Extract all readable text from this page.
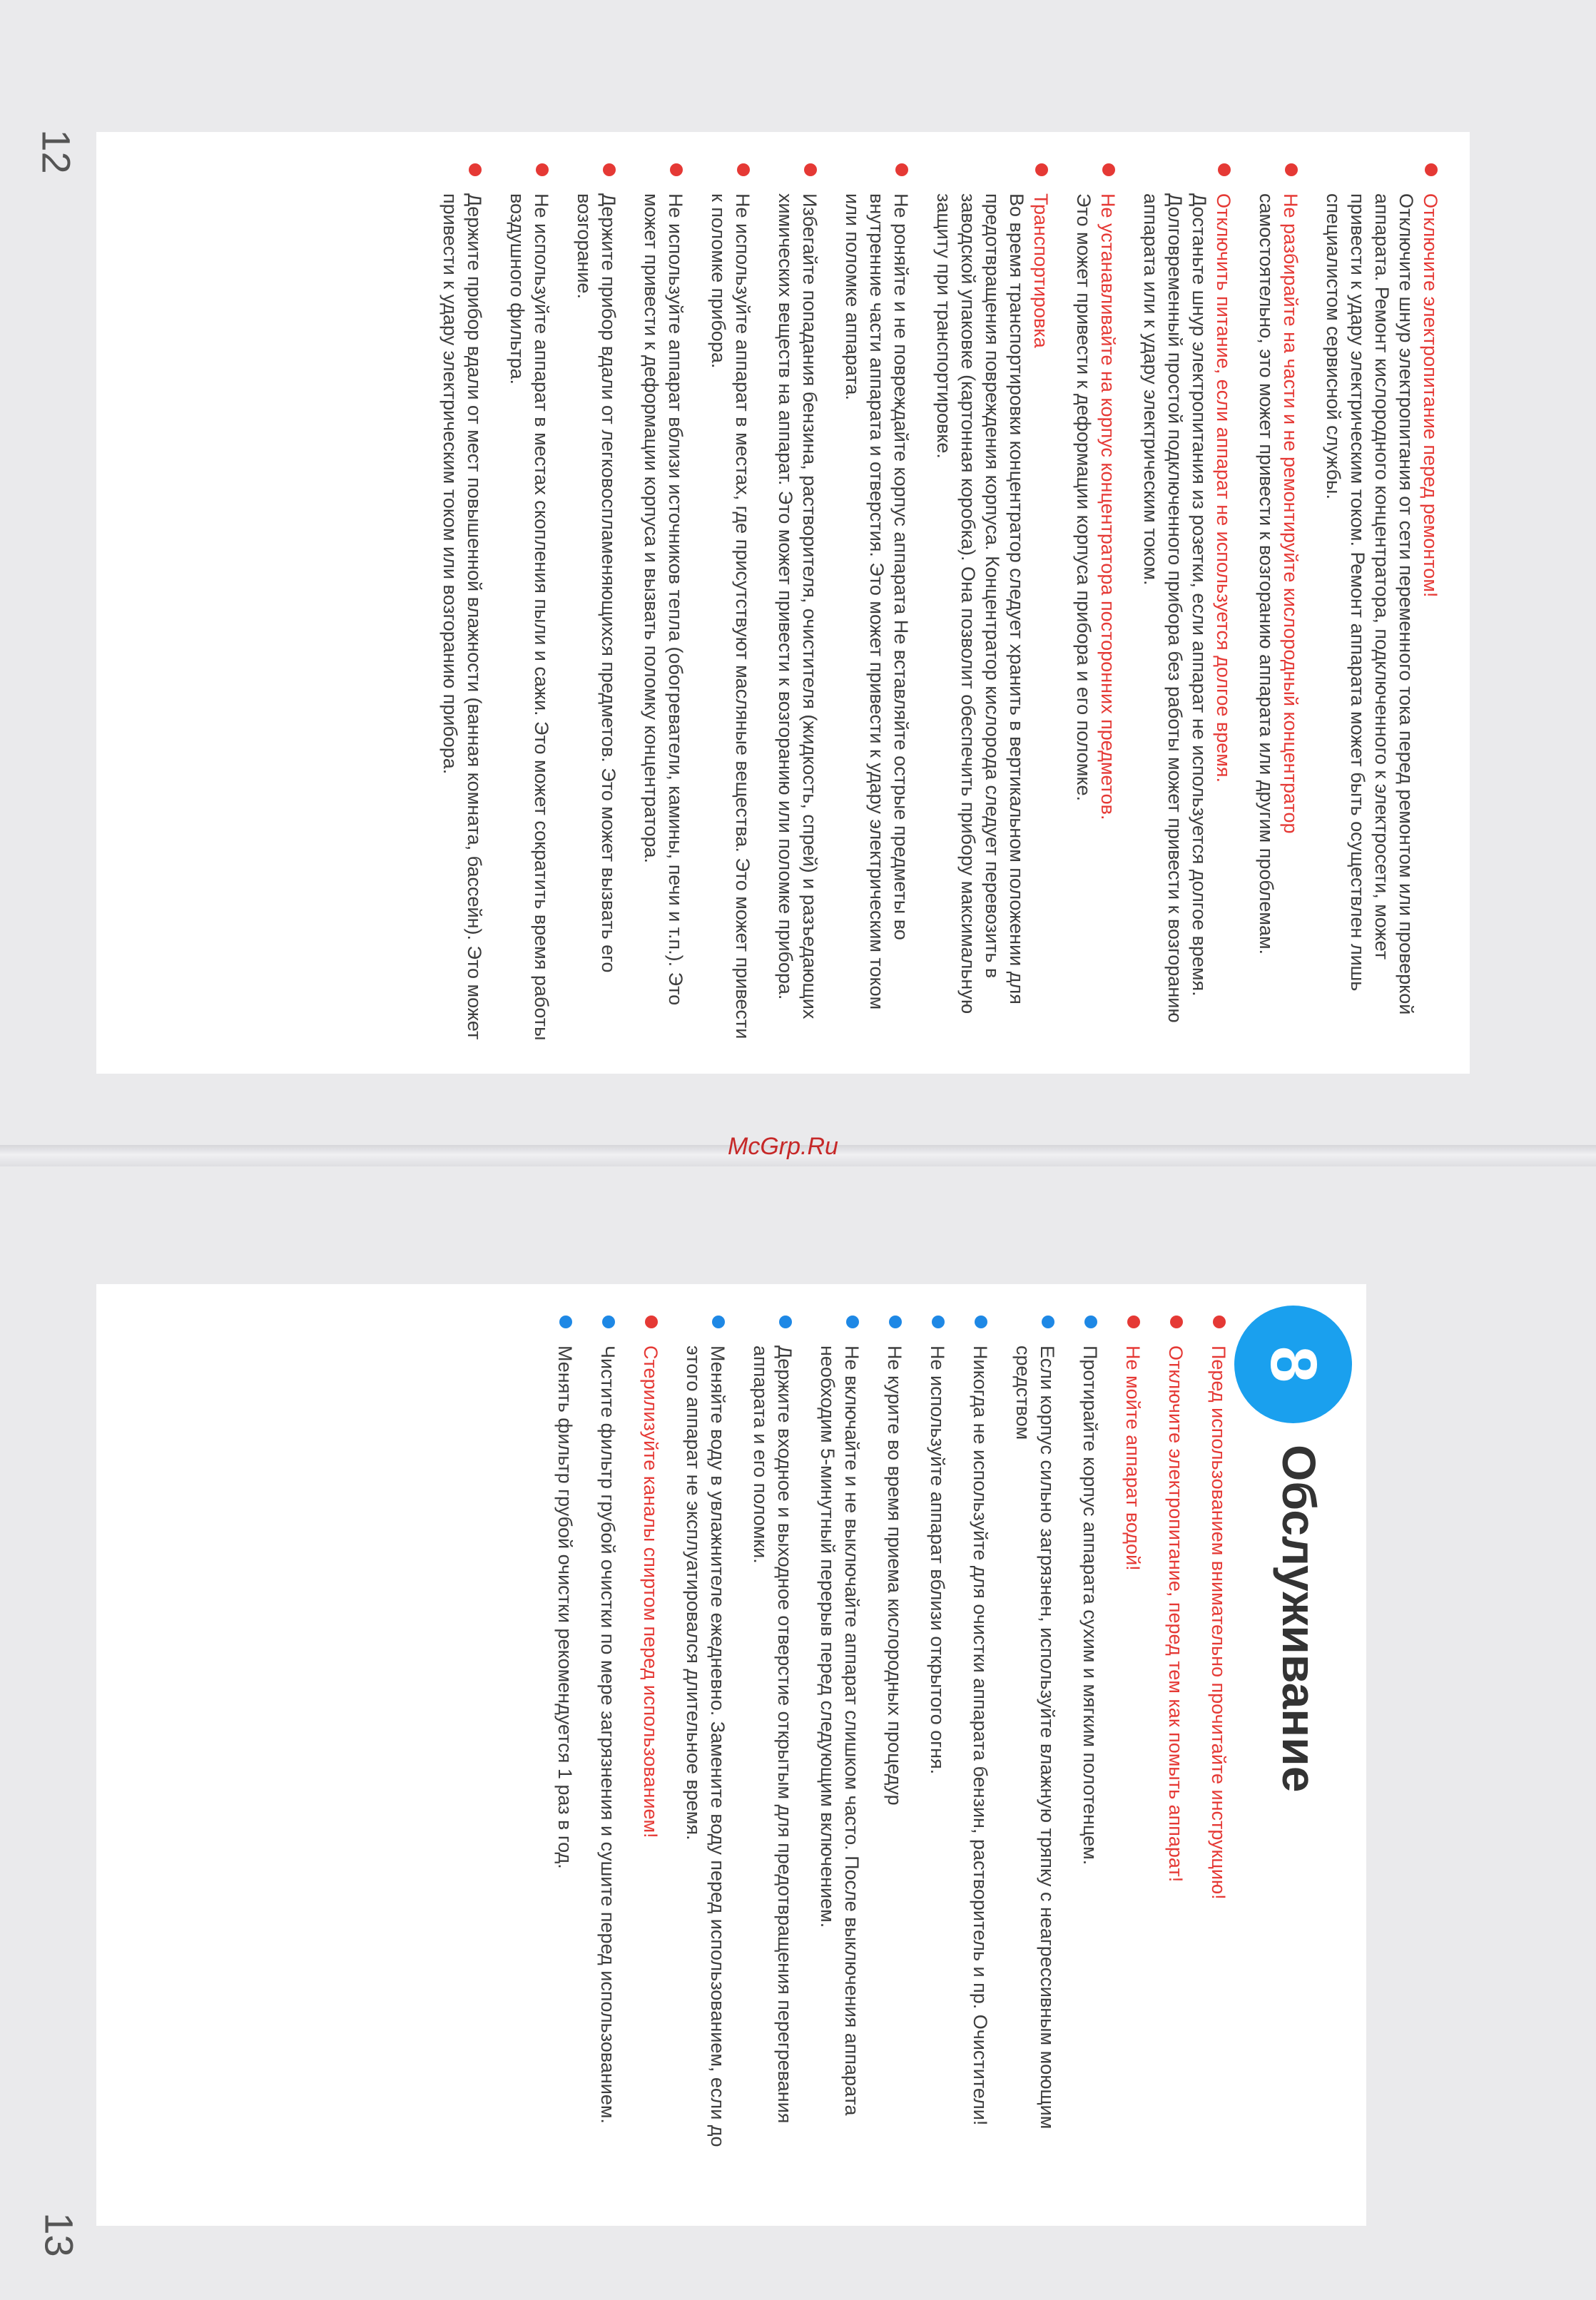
Отключите электропитание перед ремонтом!
Отключите шнур электропитания от сети переменного тока перед ремонтом или проверкой аппарата. Ремонт кислородного концентратора, подключенного к электросети, может привести к удару электрическим током. Ремонт аппарата может быть осуществлен лишь специалистом сервисной службы.
Не разбирайте на части и не ремонтируйте кислородный концентратор
самостоятельно, это может привести к возгоранию аппарата или другим проблемам.
Отключить питание, если аппарат не используется долгое время.
Достаньте шнур электропитания из розетки, если аппарат не используется долгое время. Долговременный простой подключенного прибора без работы может привести к возгоранию аппарата или к удару электрическим током.
Не устанавливайте на корпус концентратора посторонних предметов.
Это может привести к деформации корпуса прибора и его поломке.
Транспортировка
Во время транспортировки концентратор следует хранить в вертикальном положении для предотвращения повреждения корпуса. Концентратор кислорода следует перевозить в заводской упаковке (картонная коробка). Она позволит обеспечить прибору максимальную защиту при транспортировке.
Не роняйте и не повреждайте корпус аппарата Не вставляйте острые предметы во внутренние части аппарата и отверстия. Это может привести к удару электрическим током или поломке аппарата.
Избегайте попадания бензина, растворителя, очистителя (жидкость, спрей) и разъедающих химических веществ на аппарат. Это может привести к возгоранию или поломке прибора.
Не используйте аппарат в местах, где присутствуют масляные вещества. Это может привести к поломке прибора.
Не используйте аппарат вблизи источников тепла (обогреватели, камины, печи и т.п.). Это может привести к деформации корпуса и вызвать поломку концентратора.
Держите прибор вдали от легковоспламеняющихся предметов. Это может вызвать его возгорание.
Не используйте аппарат в местах скопления пыли и сажи. Это может сократить время работы воздушного фильтра.
Держите прибор вдали от мест повышенной влажности (ванная комната, бассейн). Это может привести к удару электрическим током или возгоранию прибора.
McGrp.Ru
8
Обслуживание
Перед использованием внимательно прочитайте инструкцию!
Отключите электропитание, перед тем как помыть аппарат!
Не мойте аппарат водой!
Протирайте корпус аппарата сухим и мягким полотенцем.
Если корпус сильно загрязнен, используйте влажную тряпку с неагрессивным моющим средством
Никогда не используйте для очистки аппарата бензин, растворитель и пр. Очистители!
Не используйте аппарат вблизи открытого огня.
Не курите во время приема кислородных процедур
Не включайте и не выключайте аппарат слишком часто. После выключения аппарата необходим 5-минутный перерыв перед следующим включением.
Держите входное и выходное отверстие открытым для предотвращения перегревания аппарата и его поломки.
Меняйте воду в увлажнителе ежедневно. Замените воду перед использованием, если до этого аппарат не эксплуатировался длительное время.
Стерилизуйте каналы спиртом перед использованием!
Чистите фильтр грубой очистки по мере загрязнения и сушите перед использованием.
Менять фильтр грубой очистки рекомендуется 1 раз в год.
12
13
